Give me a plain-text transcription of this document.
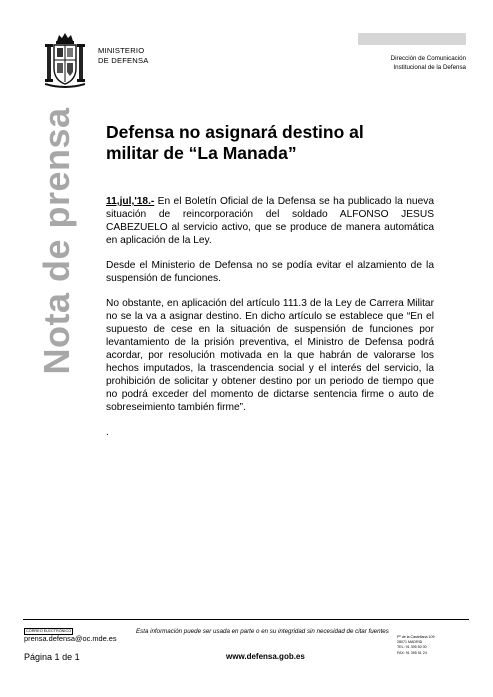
MINISTERIO
DE DEFENSA	Dirección de Comunicación
Institucional de la Defensa
Nota de prensa Defensa no asignará destino al
militar de “La Manada”

11,jul,'18.- En el Boletín Oficial de la Defensa se ha publicado la nueva situación de reincorporación del soldado ALFONSO JESUS CABEZUELO al servicio activo, que se produce de manera automática en aplicación de la Ley.

Desde el Ministerio de Defensa no se podía evitar el alzamiento de la suspensión de funciones.

No obstante, en aplicación del artículo 111.3 de la Ley de Carrera Militar no se la va a asignar destino. En dicho artículo se establece que “En el supuesto de cese en la situación de suspensión de funciones por levantamiento de la prisión preventiva, el Ministro de Defensa podrá acordar, por resolución motivada en la que habrán de valorarse los hechos imputados, la trascendencia social y el interés del servicio, la prohibición de solicitar y obtener destino por un periodo de tiempo que no podrá exceder del momento de dictarse sentencia firme o auto de sobreseimiento también firme”.

.

CORREO ELECTRÓNICO
prensa.defensa@oc.mde.es
Página 1 de 1
Esta información puede ser usada en parte o en su integridad sin necesidad de citar fuentes
www.defensa.gob.es
Pº de la Castellana 109
28071 MADRID
TEL: 91 395 50 00
FAX: 91 395 51 24
